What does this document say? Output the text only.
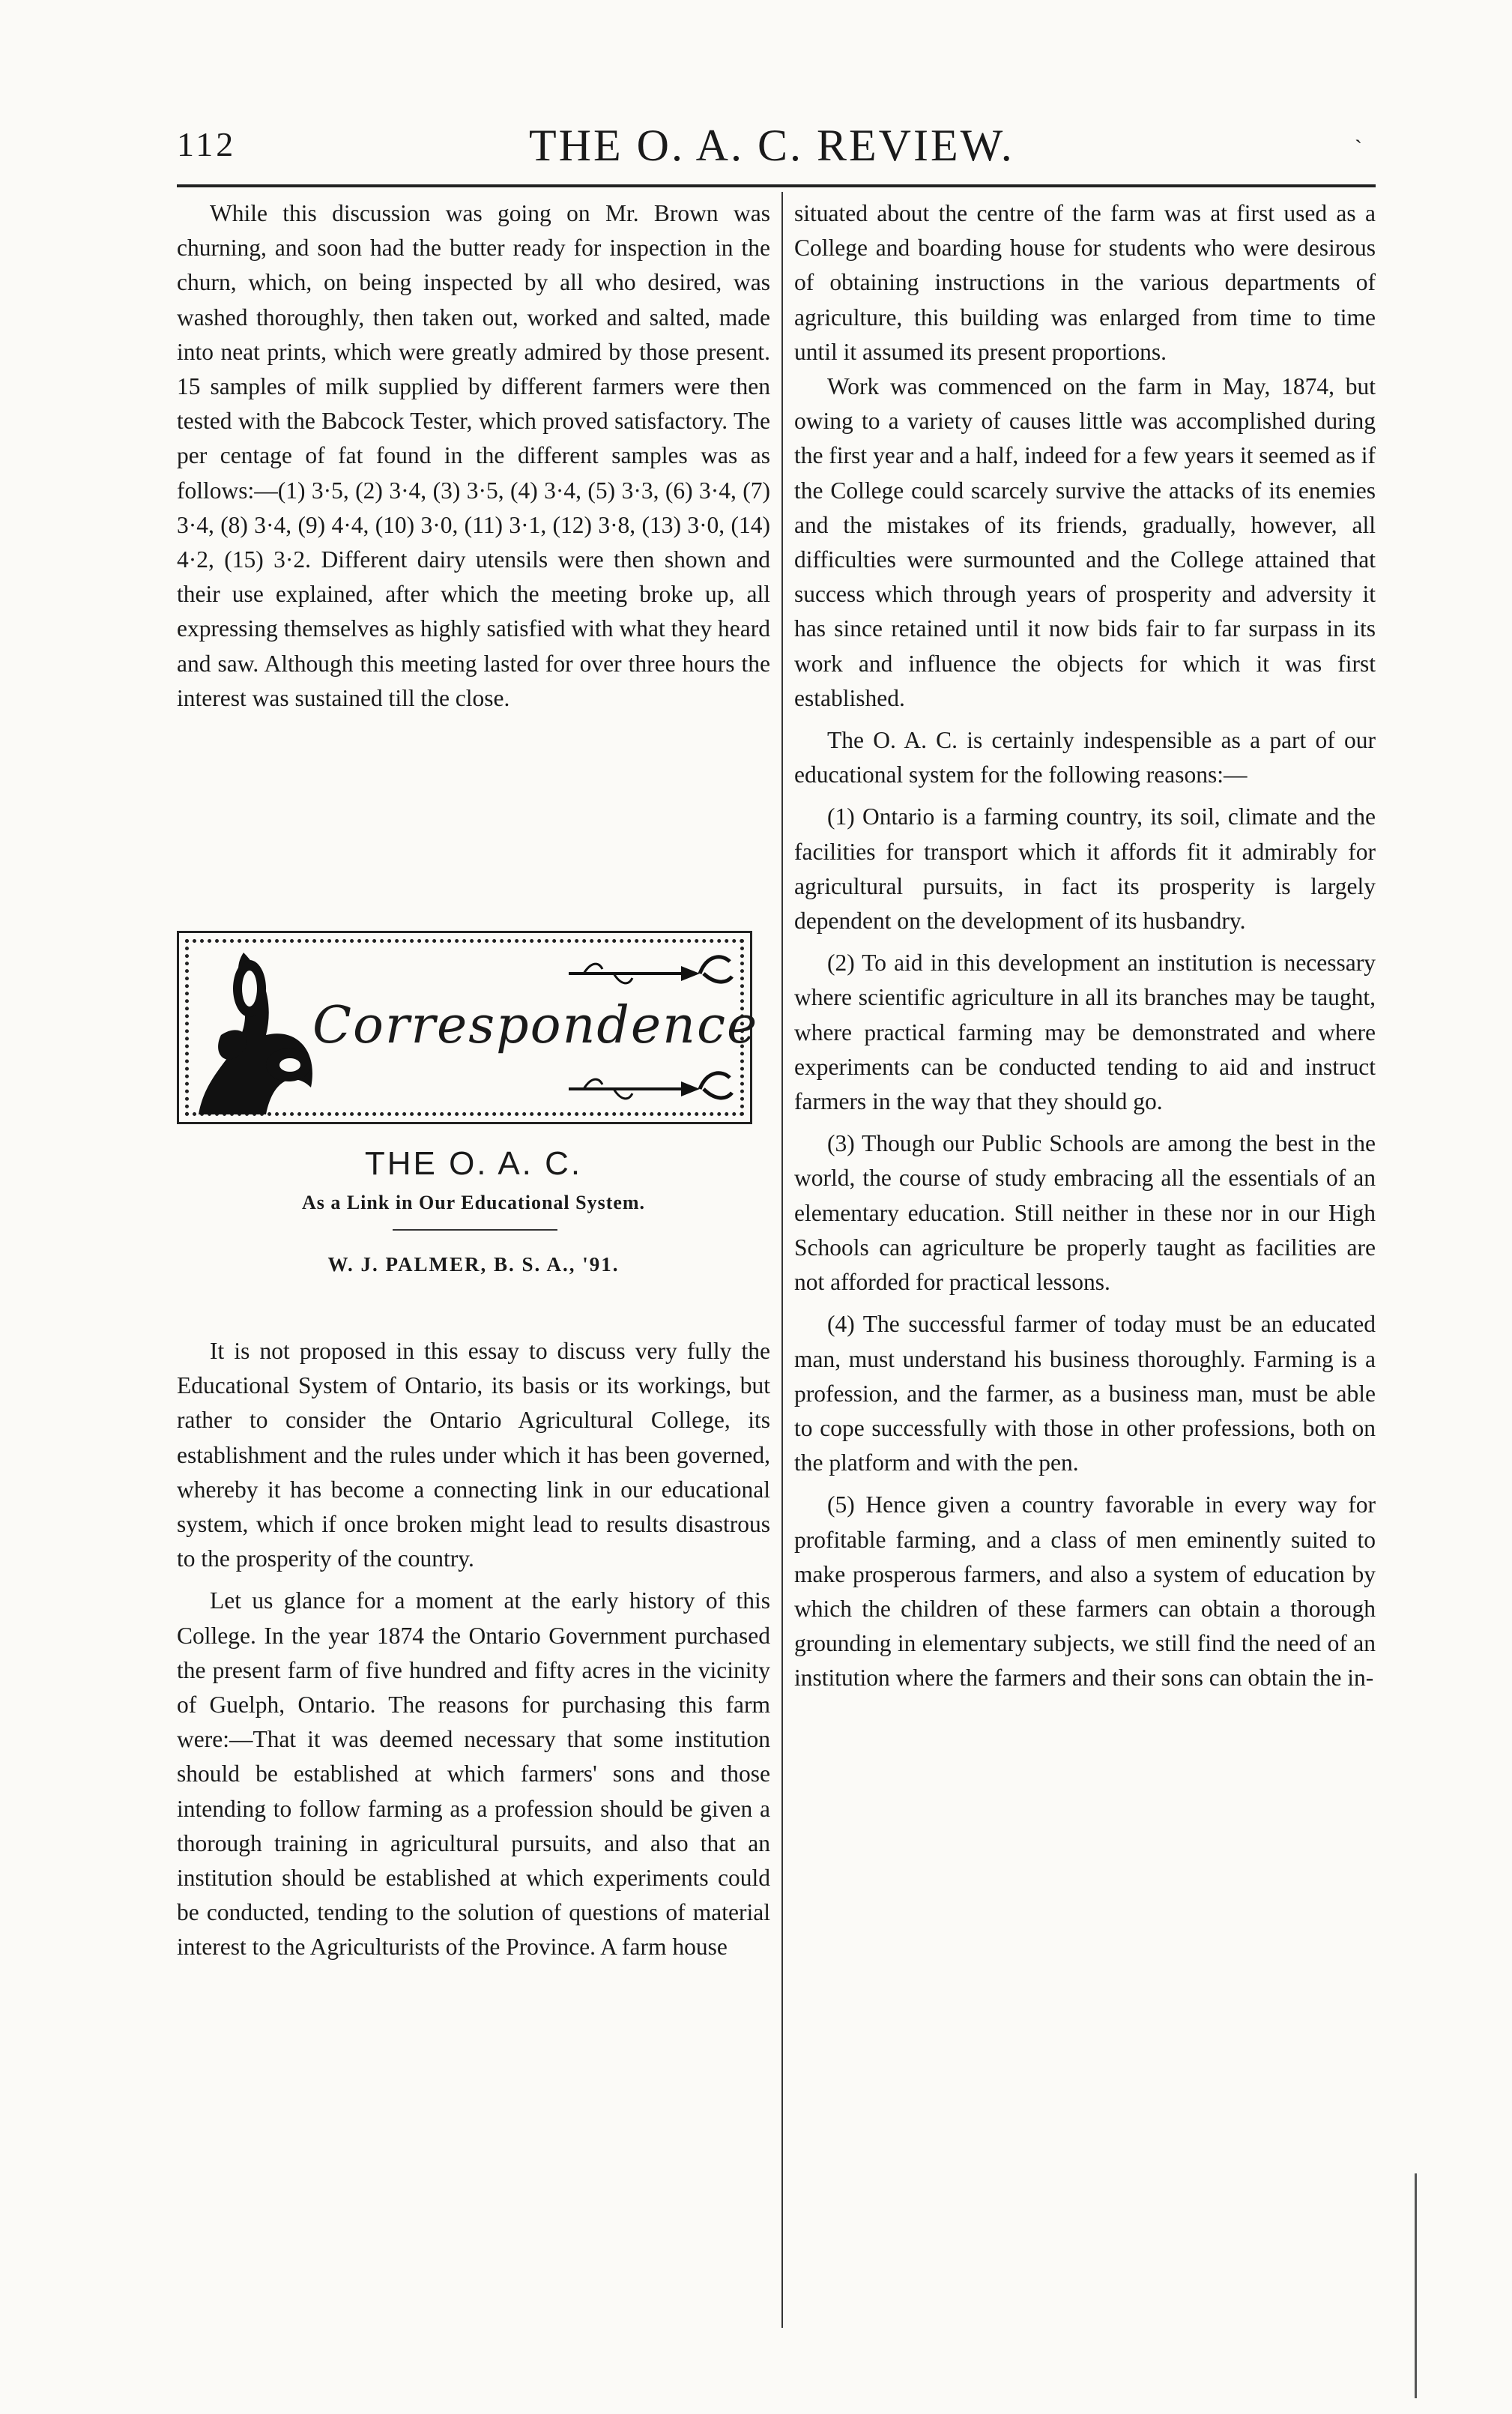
112	THE O. A. C. REVIEW.	˴

While this discussion was going on Mr. Brown was churning, and soon had the butter ready for inspection in the churn, which, on being inspected by all who desired, was washed thoroughly, then taken out, worked and salted, made into neat prints, which were greatly admired by those present. 15 samples of milk supplied by different farmers were then tested with the Babcock Tester, which proved satisfactory. The per centage of fat found in the different samples was as follows:—(1) 3·5, (2) 3·4, (3) 3·5, (4) 3·4, (5) 3·3, (6) 3·4, (7) 3·4, (8) 3·4, (9) 4·4, (10) 3·0, (11) 3·1, (12) 3·8, (13) 3·0, (14) 4·2, (15) 3·2. Different dairy utensils were then shown and their use explained, after which the meeting broke up, all expressing themselves as highly satisfied with what they heard and saw. Although this meeting lasted for over three hours the interest was sustained till the close.

Correspondence
THE O. A. C.
As a Link in Our Educational System.
W. J. PALMER, B. S. A., '91.

It is not proposed in this essay to discuss very fully the Educational System of Ontario, its basis or its workings, but rather to consider the Ontario Agricultural College, its establishment and the rules under which it has been governed, whereby it has become a connecting link in our educational system, which if once broken might lead to results disastrous to the prosperity of the country.

Let us glance for a moment at the early history of this College. In the year 1874 the Ontario Government purchased the present farm of five hundred and fifty acres in the vicinity of Guelph, Ontario. The reasons for purchasing this farm were:—That it was deemed necessary that some institution should be established at which farmers' sons and those intending to follow farming as a profession should be given a thorough training in agricultural pursuits, and also that an institution should be established at which experiments could be conducted, tending to the solution of questions of material interest to the Agriculturists of the Province. A farm house

situated about the centre of the farm was at first used as a College and boarding house for students who were desirous of obtaining instructions in the various departments of agriculture, this building was enlarged from time to time until it assumed its present proportions.

Work was commenced on the farm in May, 1874, but owing to a variety of causes little was accomplished during the first year and a half, indeed for a few years it seemed as if the College could scarcely survive the attacks of its enemies and the mistakes of its friends, gradually, however, all difficulties were surmounted and the College attained that success which through years of prosperity and adversity it has since retained until it now bids fair to far surpass in its work and influence the objects for which it was first established.

The O. A. C. is certainly indespensible as a part of our educational system for the following reasons:—

(1) Ontario is a farming country, its soil, climate and the facilities for transport which it affords fit it admirably for agricultural pursuits, in fact its prosperity is largely dependent on the development of its husbandry.

(2) To aid in this development an institution is necessary where scientific agriculture in all its branches may be taught, where practical farming may be demonstrated and where experiments can be conducted tending to aid and instruct farmers in the way that they should go.

(3) Though our Public Schools are among the best in the world, the course of study embracing all the essentials of an elementary education. Still neither in these nor in our High Schools can agriculture be properly taught as facilities are not afforded for practical lessons.

(4) The successful farmer of today must be an educated man, must understand his business thoroughly. Farming is a profession, and the farmer, as a business man, must be able to cope successfully with those in other professions, both on the platform and with the pen.

(5) Hence given a country favorable in every way for profitable farming, and a class of men eminently suited to make prosperous farmers, and also a system of education by which the children of these farmers can obtain a thorough grounding in elementary subjects, we still find the need of an institution where the farmers and their sons can obtain the in-
